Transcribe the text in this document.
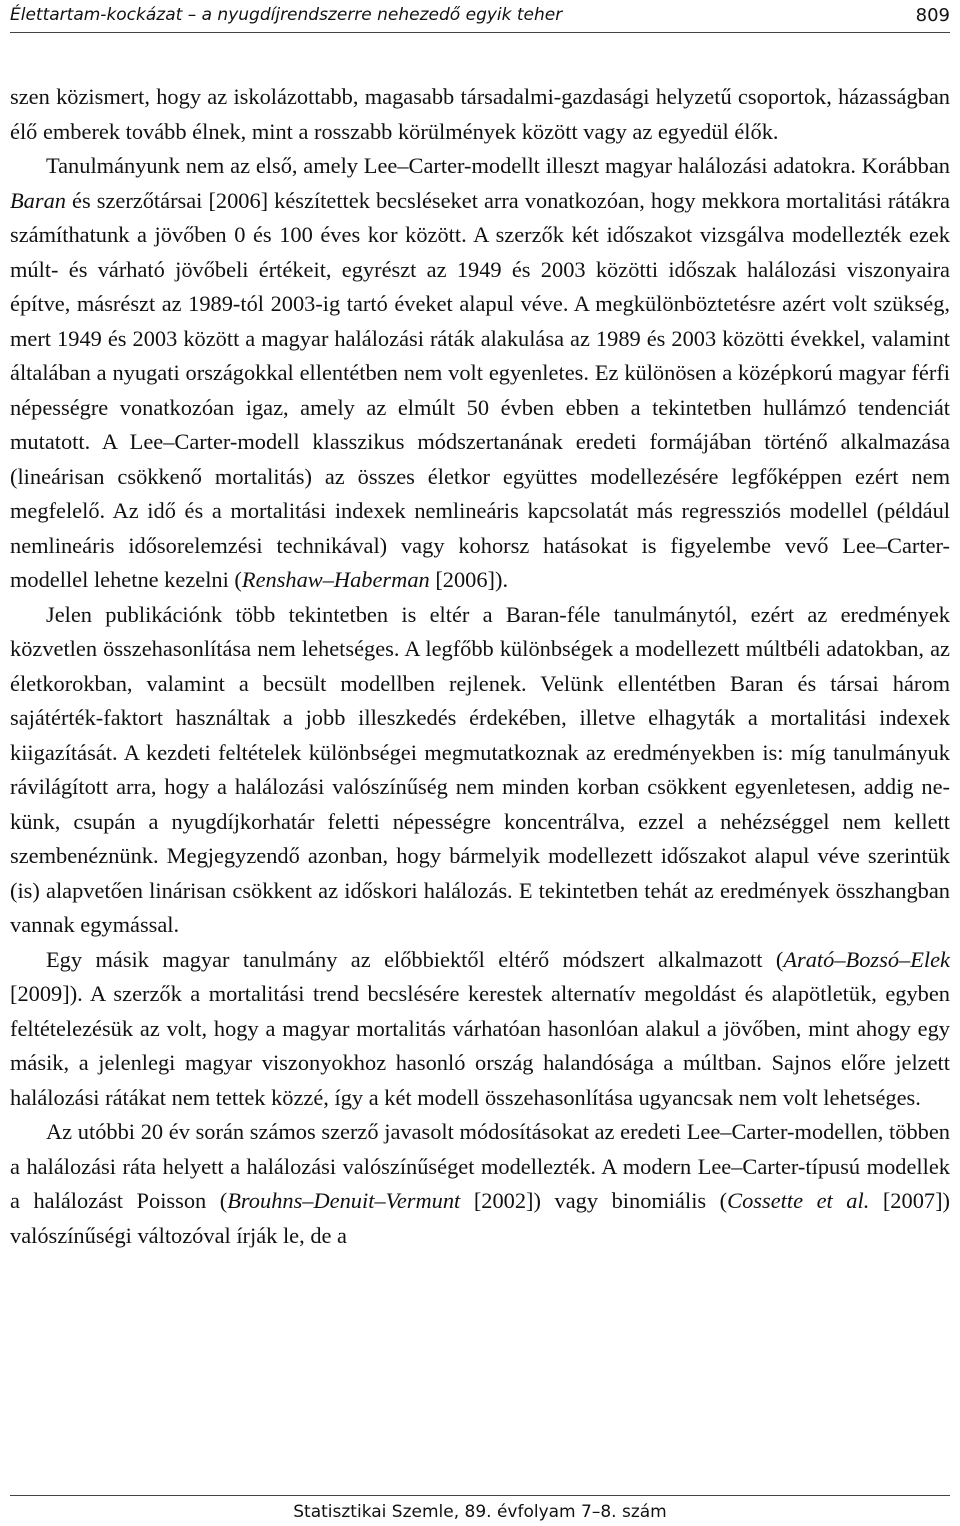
Élettartam-kockázat – a nyugdíjrendszerre nehezedő egyik teher	809

szen közismert, hogy az iskolázottabb, magasabb társadalmi-gazdasági helyzetű csoportok, házasságban élő emberek tovább élnek, mint a rosszabb körülmények között vagy az egyedül élők.

Tanulmányunk nem az első, amely Lee–Carter-modellt illeszt magyar halálozási adatokra. Korábban Baran és szerzőtársai [2006] készítettek becsléseket arra vonatkozóan, hogy mekkora mortalitási rátákra számíthatunk a jövőben 0 és 100 éves kor között. A szerzők két időszakot vizsgálva modellezték ezek múlt- és várható jövőbeli értékeit, egyrészt az 1949 és 2003 közötti időszak halálozási viszonyaira építve, másrészt az 1989-tól 2003-ig tartó éveket alapul véve. A megkülönböztetésre azért volt szükség, mert 1949 és 2003 között a magyar halálozási ráták alakulása az 1989 és 2003 közötti évekkel, valamint általában a nyugati országokkal ellentétben nem volt egyenletes. Ez különösen a középkorú magyar férfi népességre vonatkozóan igaz, amely az elmúlt 50 évben ebben a tekintetben hullámzó tendenciát mutatott. A Lee–Carter-modell klasszikus módszertanának eredeti formájában történő alkalmazása (lineárisan csökkenő mortalitás) az összes életkor együttes modellezésére legfőképpen ezért nem megfelelő. Az idő és a mortalitási indexek nemlineáris kapcsolatát más regressziós modellel (például nemlineáris idősorelemzési technikával) vagy kohorsz hatásokat is figyelembe vevő Lee–Carter-modellel lehetne kezelni (Renshaw–Haberman [2006]).

Jelen publikációnk több tekintetben is eltér a Baran-féle tanulmánytól, ezért az eredmények közvetlen összehasonlítása nem lehetséges. A legfőbb különbségek a modellezett múltbéli adatokban, az életkorokban, valamint a becsült modellben rejlenek. Velünk ellentétben Baran és társai három sajátérték-faktort használtak a jobb illeszkedés érdekében, illetve elhagyták a mortalitási indexek kiigazítását. A kezdeti feltételek különbségei megmutatkoznak az eredményekben is: míg tanulmányuk rávilágított arra, hogy a halálozási valószínűség nem minden korban csökkent egyenletesen, addig nekünk, csupán a nyugdíjkorhatár feletti népességre koncentrálva, ezzel a nehézséggel nem kellett szembenéznünk. Megjegyzendő azonban, hogy bármelyik modellezett időszakot alapul véve szerintük (is) alapvetően linárisan csökkent az időskori halálozás. E tekintetben tehát az eredmények összhangban vannak egymással.

Egy másik magyar tanulmány az előbbiektől eltérő módszert alkalmazott (Arató–Bozsó–Elek [2009]). A szerzők a mortalitási trend becslésére kerestek alternatív megoldást és alapötletük, egyben feltételezésük az volt, hogy a magyar mortalitás várhatóan hasonlóan alakul a jövőben, mint ahogy egy másik, a jelenlegi magyar viszonyokhoz hasonló ország halandósága a múltban. Sajnos előre jelzett halálozási rátákat nem tettek közzé, így a két modell összehasonlítása ugyancsak nem volt lehetséges.

Az utóbbi 20 év során számos szerző javasolt módosításokat az eredeti Lee–Carter-modellen, többen a halálozási ráta helyett a halálozási valószínűséget modellezték. A modern Lee–Carter-típusú modellek a halálozást Poisson (Brouhns–Denuit–Vermunt [2002]) vagy binomiális (Cossette et al. [2007]) valószínűségi változóval írják le, de a

Statisztikai Szemle, 89. évfolyam 7–8. szám
